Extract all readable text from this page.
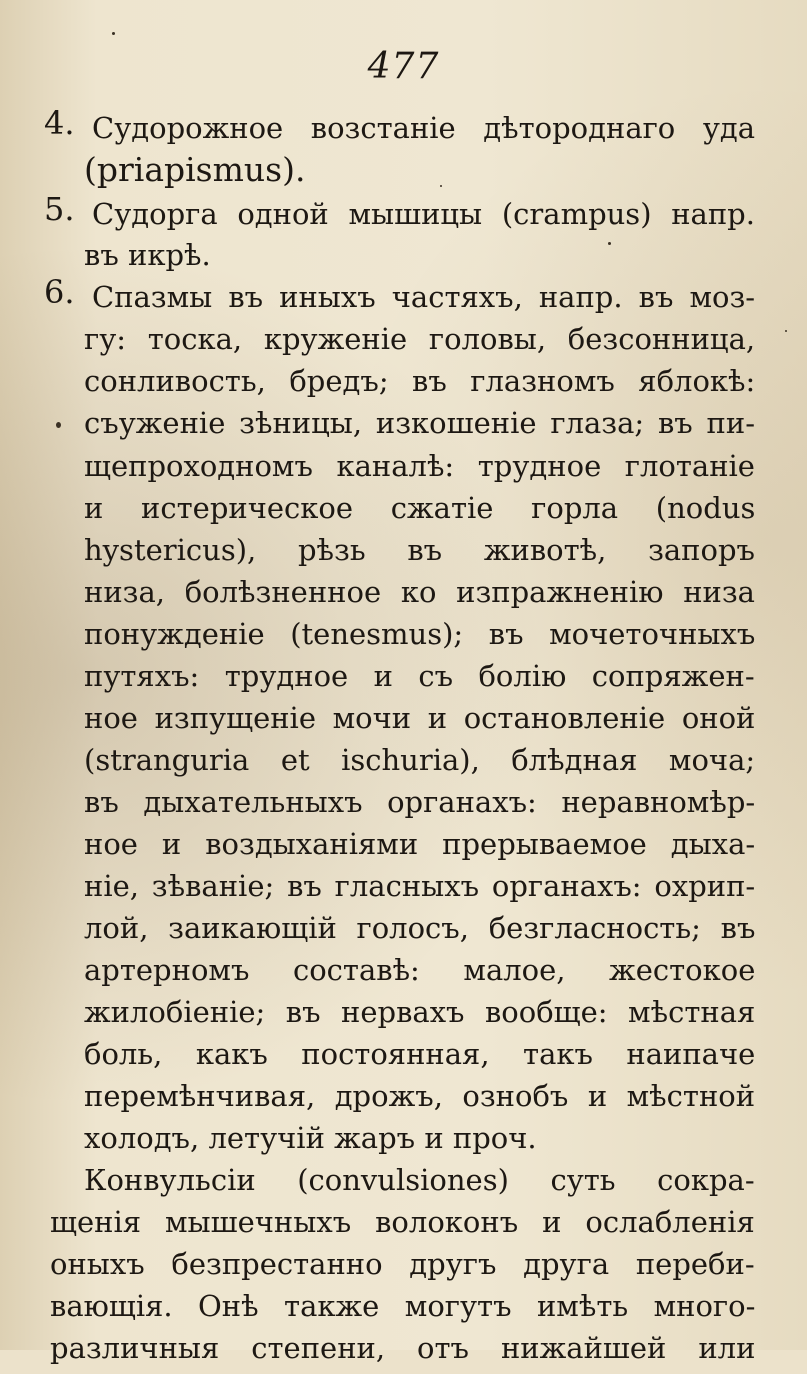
477
4. Судорожное возстаніе дѣтороднаго уда
(priapismus).
5. Судорга одной мышицы (crampus) напр.
въ икрѣ.
6. Спазмы въ иныхъ частяхъ, напр. въ моз-
гу: тоска, круженіе головы, безсонница,
сонливость, бредъ; въ глазномъ яблокѣ:
съуженіе зѣницы, изкошеніе глаза; въ пи-
щепроходномъ каналѣ: трудное глотаніе
и истерическое сжатіе горла (nodus
hystericus), рѣзь въ животѣ, запоръ
низа, болѣзненное ко изпражненію низа
понужденіе (tenesmus); въ мочеточныхъ
путяхъ: трудное и съ болію сопряжен-
ное изпущеніе мочи и остановленіе оной
(stranguria et ischuria), блѣдная моча;
въ дыхательныхъ органахъ: неравномѣр-
ное и воздыханіями прерываемое дыха-
ніе, зѣваніе; въ гласныхъ органахъ: охрип-
лой, заикающій голосъ, безгласность; въ
артерномъ составѣ: малое, жестокое
жилобіеніе; въ нервахъ вообще: мѣстная
боль, какъ постоянная, такъ наипаче
перемѣнчивая, дрожъ, ознобъ и мѣстной
холодъ, летучій жаръ и проч.
Конвульсіи (convulsiones) суть сокра-
щенія мышечныхъ волоконъ и ослабленія
оныхъ безпрестанно другъ друга переби-
вающія. Онѣ также могутъ имѣть много-
различныя степени, отъ нижайшей или
